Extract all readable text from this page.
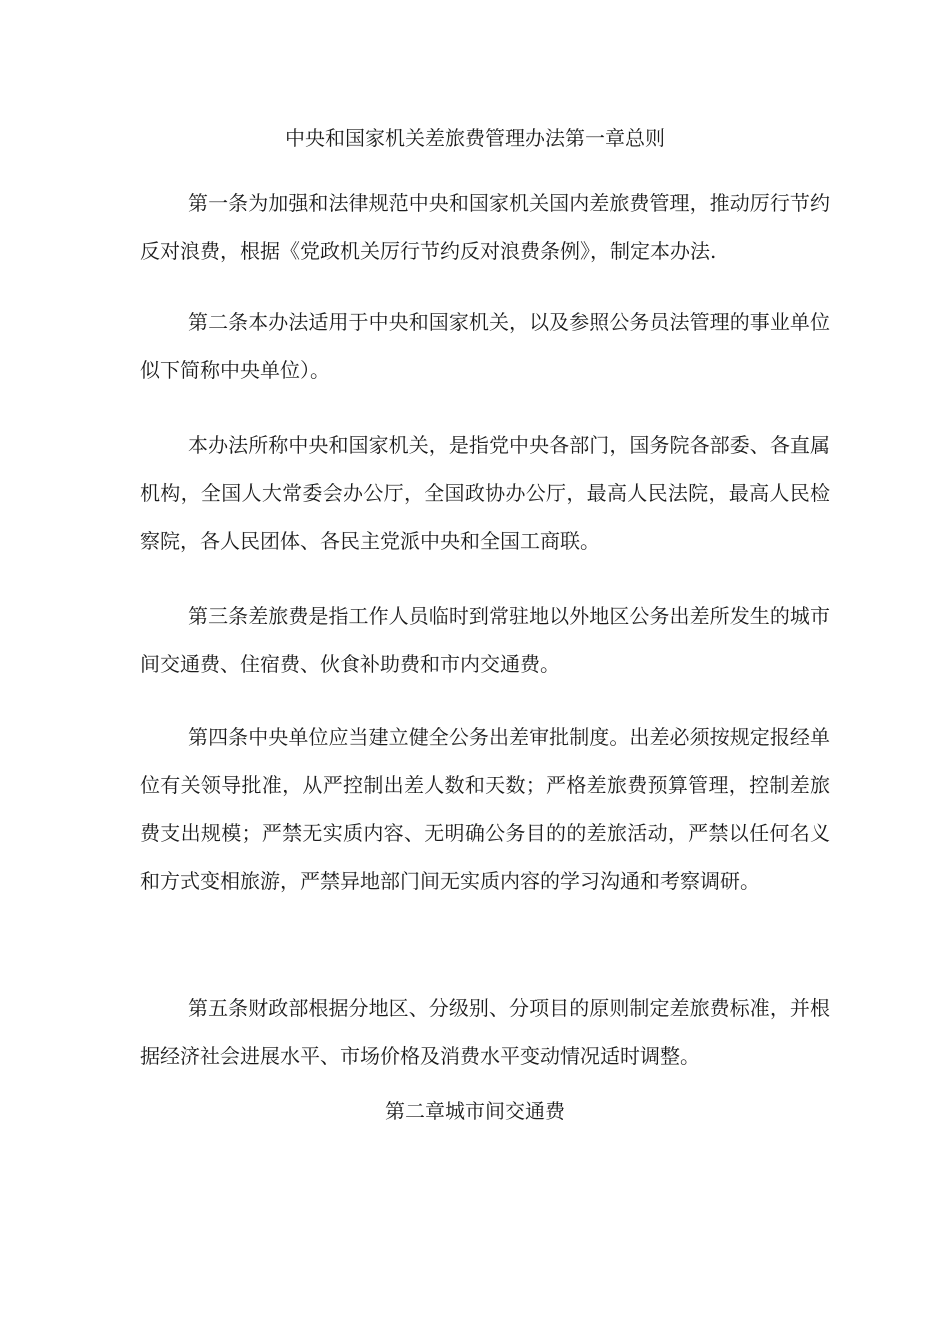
中央和国家机关差旅费管理办法第一章总则

第一条为加强和法律规范中央和国家机关国内差旅费管理，推动厉行节约反对浪费，根据《党政机关厉行节约反对浪费条例》，制定本办法.

第二条本办法适用于中央和国家机关，以及参照公务员法管理的事业单位似下简称中央单位）。

本办法所称中央和国家机关，是指党中央各部门，国务院各部委、各直属机构，全国人大常委会办公厅，全国政协办公厅，最高人民法院，最高人民检察院，各人民团体、各民主党派中央和全国工商联。

第三条差旅费是指工作人员临时到常驻地以外地区公务出差所发生的城市间交通费、住宿费、伙食补助费和市内交通费。

第四条中央单位应当建立健全公务出差审批制度。出差必须按规定报经单位有关领导批准，从严控制出差人数和天数；严格差旅费预算管理，控制差旅费支出规模；严禁无实质内容、无明确公务目的的差旅活动，严禁以任何名义和方式变相旅游，严禁异地部门间无实质内容的学习沟通和考察调研。

第五条财政部根据分地区、分级别、分项目的原则制定差旅费标准，并根据经济社会进展水平、市场价格及消费水平变动情况适时调整。

第二章城市间交通费
